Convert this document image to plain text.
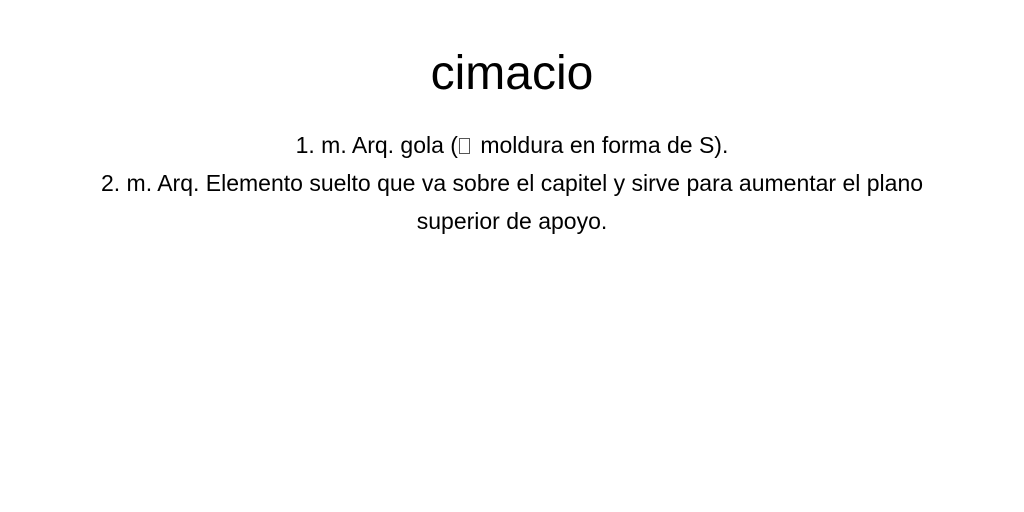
cimacio
1. m. Arq. gola ( moldura en forma de S).
2. m. Arq. Elemento suelto que va sobre el capitel y sirve para aumentar el plano superior de apoyo.
